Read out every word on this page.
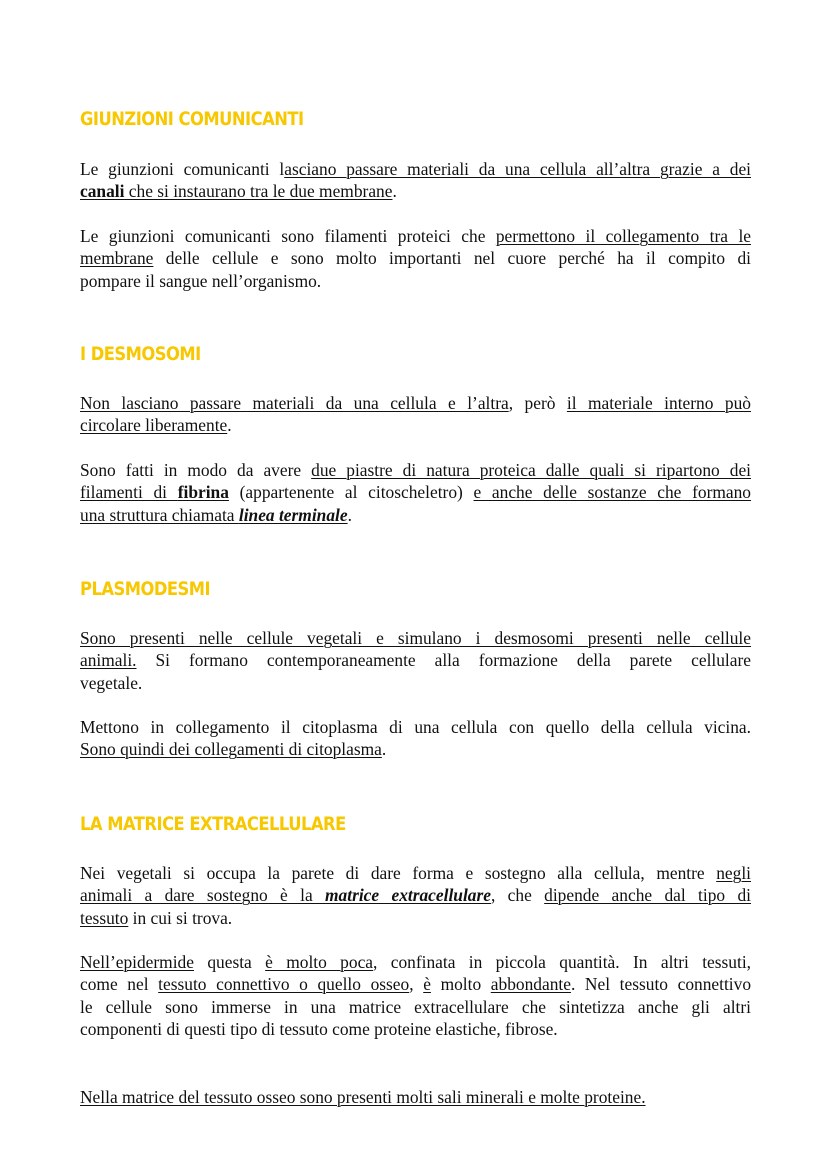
GIUNZIONI COMUNICANTI

Le giunzioni comunicanti lasciano passare materiali da una cellula all’altra grazie a dei
canali che si instaurano tra le due membrane.

Le giunzioni comunicanti sono filamenti proteici che permettono il collegamento tra le
membrane delle cellule e sono molto importanti nel cuore perché ha il compito di
pompare il sangue nell’organismo.

I DESMOSOMI

Non lasciano passare materiali da una cellula e l’altra, però il materiale interno può
circolare liberamente.

Sono fatti in modo da avere due piastre di natura proteica dalle quali si ripartono dei
filamenti di fibrina (appartenente al citoscheletro) e anche delle sostanze che formano
una struttura chiamata linea terminale.

PLASMODESMI

Sono presenti nelle cellule vegetali e simulano i desmosomi presenti nelle cellule
animali. Si formano contemporaneamente alla formazione della parete cellulare
vegetale.

Mettono in collegamento il citoplasma di una cellula con quello della cellula vicina.
Sono quindi dei collegamenti di citoplasma.

LA MATRICE EXTRACELLULARE

Nei vegetali si occupa la parete di dare forma e sostegno alla cellula, mentre negli
animali a dare sostegno è la matrice extracellulare, che dipende anche dal tipo di
tessuto in cui si trova.

Nell’epidermide questa è molto poca, confinata in piccola quantità. In altri tessuti,
come nel tessuto connettivo o quello osseo, è molto abbondante. Nel tessuto connettivo
le cellule sono immerse in una matrice extracellulare che sintetizza anche gli altri
componenti di questi tipo di tessuto come proteine elastiche, fibrose.

Nella matrice del tessuto osseo sono presenti molti sali minerali e molte proteine.
